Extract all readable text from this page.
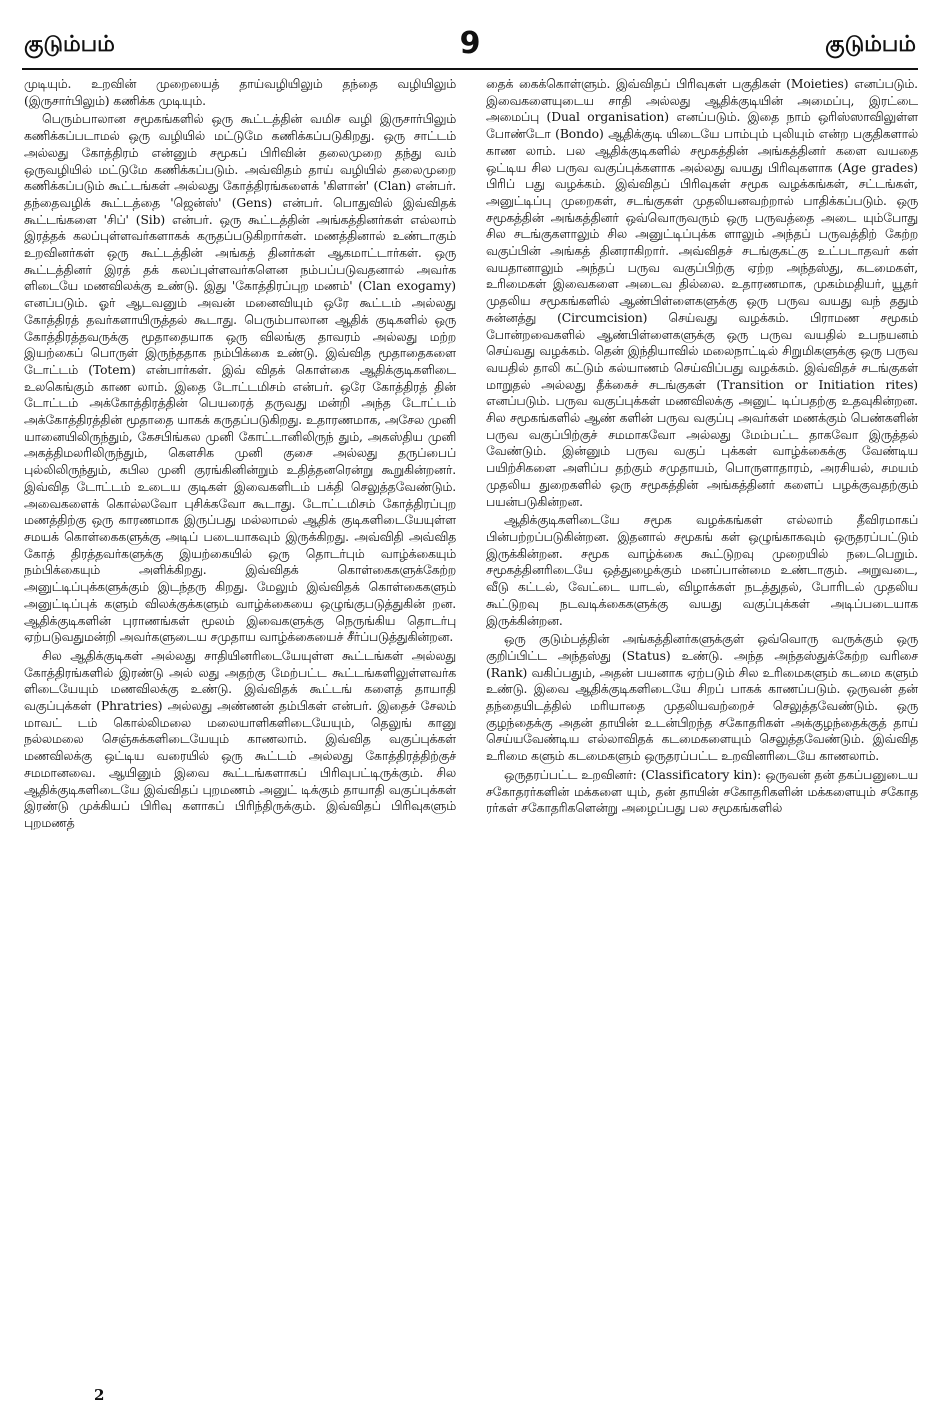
குடும்பம்	9	குடும்பம்

முடியும். உறவின் முறையைத் தாய்வழியிலும் தந்தை வழியிலும் (இருசார்பிலும்) கணிக்க முடியும்.

பெரும்பாலான சமூகங்களில் ஒரு கூட்டத்தின் வமிச வழி இருசார்பிலும் கணிக்கப்படாமல் ஒரு வழியில் மட்டுமே கணிக்கப்படுகிறது. ஒரு சாட்டம் அல்லது கோத்திரம் என்னும் சமூகப் பிரிவின் தலைமுறை தந்து வம் ஒருவழியில் மட்டுமே கணிக்கப்படும். அவ்விதம் தாய் வழியில் தலைமுறை கணிக்கப்படும் கூட்டங்கள் அல்லது கோத்திரங்களைக் 'கிளான்' (Clan) என்பர். தந்தைவழிக் கூட்டத்தை 'ஜென்ஸ்' (Gens) என்பர். பொதுவில் இவ்விதக் கூட்டங்களை 'சிப்' (Sib) என்பர். ஒரு கூட்டத்தின் அங்கத்தினர்கள் எல்லாம் இரத்தக் கலப்புள்ளவர்களாகக் கருதப்படுகிறார்கள். மணத்தினால் உண்டாகும் உறவினர்கள் ஒரு கூட்டத்தின் அங்கத் தினர்கள் ஆகமாட்டார்கள். ஒரு கூட்டத்தினர் இரத் தக் கலப்புள்ளவர்களென நம்பப்படுவதனால் அவர்க ளிடையே மணவிலக்கு உண்டு. இது 'கோத்திரப்புற மணம்' (Clan exogamy) எனப்படும். ஓர் ஆடவனும் அவன் மனைவியும் ஒரே கூட்டம் அல்லது கோத்திரத் தவர்களாயிருத்தல் கூடாது. பெரும்பாலான ஆதிக் குடிகளில் ஒரு கோத்திரத்தவருக்கு மூதாதையாக ஒரு விலங்கு தாவரம் அல்லது மற்ற இயற்கைப் பொருள் இருந்ததாக நம்பிக்கை உண்டு. இவ்வித மூதாதைகளை டோட்டம் (Totem) என்பார்கள். இவ் விதக் கொள்கை ஆதிக்குடிகளிடை உலகெங்கும் காண லாம். இதை டோட்டமிசம் என்பர். ஒரே கோத்திரத் தின் டோட்டம் அக்கோத்திரத்தின் பெயரைத் தருவது மன்றி அந்த டோட்டம் அக்கோத்திரத்தின் மூதாதை யாகக் கருதப்படுகிறது. உதாரணமாக, அசேல முனி யானையிலிருந்தும், கேசபிங்கல முனி கோட்டானிலிருந் தும், அகஸ்திய முனி அகத்திமலரிலிருந்தும், கௌசிக முனி குசை அல்லது தருப்பைப் புல்லிலிருந்தும், கபில முனி குரங்கினின்றும் உதித்தனரென்று கூறுகின்றனர். இவ்வித டோட்டம் உடைய குடிகள் இவைகளிடம் பக்தி செலுத்தவேண்டும். அவைகளைக் கொல்லவோ புசிக்கவோ கூடாது. டோட்டமிசம் கோத்திரப்புற மணத்திற்கு ஒரு காரணமாக இருப்பது மல்லாமல் ஆதிக் குடிகளிடையேயுள்ள சமயக் கொள்கைகளுக்கு அடிப் படையாகவும் இருக்கிறது. அவ்விதி அவ்வித கோத் திரத்தவர்களுக்கு இயற்கையில் ஒரு தொடர்பும் வாழ்க்கையும் நம்பிக்கையும் அளிக்கிறது. இவ்விதக் கொள்கைகளுக்கேற்ற அனுட்டிப்புக்களுக்கும் இடந்தரு கிறது. மேலும் இவ்விதக் கொள்கைகளும் அனுட்டிப்புக் களும் விலக்குக்களும் வாழ்க்கையை ஒழுங்குபடுத்துகின் றன. ஆதிக்குடிகளின் புராணங்கள் மூலம் இவைகளுக்கு நெருங்கிய தொடர்பு ஏற்படுவதுமன்றி அவர்களுடைய சமுதாய வாழ்க்கையைச் சீர்ப்படுத்துகின்றன.

சில ஆதிக்குடிகள் அல்லது சாதியினரிடையேயுள்ள கூட்டங்கள் அல்லது கோத்திரங்களில் இரண்டு அல் லது அதற்கு மேற்பட்ட கூட்டங்களிலுள்ளவர்க ளிடையேயும் மணவிலக்கு உண்டு. இவ்விதக் கூட்டங் களைத் தாயாதி வகுப்புக்கள் (Phratries) அல்லது அண்ணன் தம்பிகள் என்பர். இதைச் சேலம் மாவட் டம் கொல்லிமலை மலையாளிகளிடையேயும், தெலுங் கானு நல்லமலை செஞ்சுக்களிடையேயும் காணலாம். இவ்வித வகுப்புக்கள் மணவிலக்கு ஒட்டிய வரையில் ஒரு கூட்டம் அல்லது கோத்திரத்திற்குச் சமமானவை. ஆயினும் இவை கூட்டங்களாகப் பிரிவுபட்டிருக்கும். சில ஆதிக்குடிகளிடையே இவ்விதப் புறமணம் அனுட் டிக்கும் தாயாதி வகுப்புக்கள் இரண்டு முக்கியப் பிரிவு களாகப் பிரிந்திருக்கும். இவ்விதப் பிரிவுகளும் புறமணத்

தைக் கைக்கொள்ளும். இவ்விதப் பிரிவுகள் பகுதிகள் (Moieties) எனப்படும். இவைகளையுடைய சாதி அல்லது ஆதிக்குடியின் அமைப்பு, இரட்டை அமைப்பு (Dual organisation) எனப்படும். இதை நாம் ஒரிஸ்ஸாவிலுள்ள போண்டோ (Bondo) ஆதிக்குடி யிடையே பாம்பும் புலியும் என்ற பகுதிகளால் காண லாம். பல ஆதிக்குடிகளில் சமூகத்தின் அங்கத்தினர் களை வயதை ஒட்டிய சில பருவ வகுப்புக்களாக அல்லது வயது பிரிவுகளாக (Age grades) பிரிப் பது வழக்கம். இவ்விதப் பிரிவுகள் சமூக வழக்கங்கள், சட்டங்கள், அனுட்டிப்பு முறைகள், சடங்குகள் முதலியனவற்றால் பாதிக்கப்படும். ஒரு சமூகத்தின் அங்கத்தினர் ஒவ்வொருவரும் ஒரு பருவத்தை அடை யும்போது சில சடங்குகளாலும் சில அனுட்டிப்புக்க ளாலும் அந்தப் பருவத்திற் கேற்ற வகுப்பின் அங்கத் தினராகிறார். அவ்விதச் சடங்குகட்கு உட்படாதவர் கள் வயதானாலும் அந்தப் பருவ வகுப்பிற்கு ஏற்ற அந்தஸ்து, கடமைகள், உரிமைகள் இவைகளை அடைவ தில்லை. உதாரணமாக, முகம்மதியர், யூதர் முதலிய சமூகங்களில் ஆண்பிள்ளைகளுக்கு ஒரு பருவ வயது வந் ததும் சுன்னத்து (Circumcision) செய்வது வழக்கம். பிராமண சமூகம் போன்றவைகளில் ஆண்பிள்ளைகளுக்கு ஒரு பருவ வயதில் உபநயனம் செய்வது வழக்கம். தென் இந்தியாவில் மலைநாட்டில் சிறுமிகளுக்கு ஒரு பருவ வயதில் தாலி கட்டும் கல்யாணம் செய்விப்பது வழக்கம். இவ்விதச் சடங்குகள் மாறுதல் அல்லது தீக்கைச் சடங்குகள் (Transition or Initiation rites) எனப்படும். பருவ வகுப்புக்கள் மணவிலக்கு அனுட் டிப்பதற்கு உதவுகின்றன. சில சமூகங்களில் ஆண் களின் பருவ வகுப்பு அவர்கள் மணக்கும் பெண்களின் பருவ வகுப்பிற்குச் சமமாகவோ அல்லது மேம்பட்ட தாகவோ இருத்தல் வேண்டும். இன்னும் பருவ வகுப் புக்கள் வாழ்க்கைக்கு வேண்டிய பயிற்சிகளை அளிப்ப தற்கும் சமுதாயம், பொருளாதாரம், அரசியல், சமயம் முதலிய துறைகளில் ஒரு சமூகத்தின் அங்கத்தினர் களைப் பழக்குவதற்கும் பயன்படுகின்றன.

ஆதிக்குடிகளிடையே சமூக வழக்கங்கள் எல்லாம் தீவிரமாகப் பின்பற்றப்படுகின்றன. இதனால் சமூகங் கள் ஒழுங்காகவும் ஒருதரப்பட்டும் இருக்கின்றன. சமூக வாழ்க்கை கூட்டுறவு முறையில் நடைபெறும். சமூகத்தினரிடையே ஒத்துழைக்கும் மனப்பான்மை உண்டாகும். அறுவடை, வீடு கட்டல், வேட்டை யாடல், விழாக்கள் நடத்துதல், போரிடல் முதலிய கூட்டுறவு நடவடிக்கைகளுக்கு வயது வகுப்புக்கள் அடிப்படையாக இருக்கின்றன.

ஒரு குடும்பத்தின் அங்கத்தினர்களுக்குள் ஒவ்வொரு வருக்கும் ஒரு குறிப்பிட்ட அந்தஸ்து (Status) உண்டு. அந்த அந்தஸ்துக்கேற்ற வரிசை (Rank) வகிப்பதும், அதன் பயனாக ஏற்படும் சில உரிமைகளும் கடமை களும் உண்டு. இவை ஆதிக்குடிகளிடையே சிறப் பாகக் காணப்படும். ஒருவன் தன் தந்தையிடத்தில் மரியாதை முதலியவற்றைச் செலுத்தவேண்டும். ஒரு குழந்தைக்கு அதன் தாயின் உடன்பிறந்த சகோதரிகள் அக்குழந்தைக்குத் தாய் செய்யவேண்டிய எல்லாவிதக் கடமைகளையும் செலுத்தவேண்டும். இவ்வித உரிமை களும் கடமைகளும் ஒருதரப்பட்ட உறவினரிடையே காணலாம்.

ஒருதரப்பட்ட உறவினர்: (Classificatory kin): ஒருவன் தன் தகப்பனுடைய சகோதரர்களின் மக்களை யும், தன் தாயின் சகோதரிகளின் மக்களையும் சகோத ரர்கள் சகோதரிகளென்று அழைப்பது பல சமூகங்களில்

2
